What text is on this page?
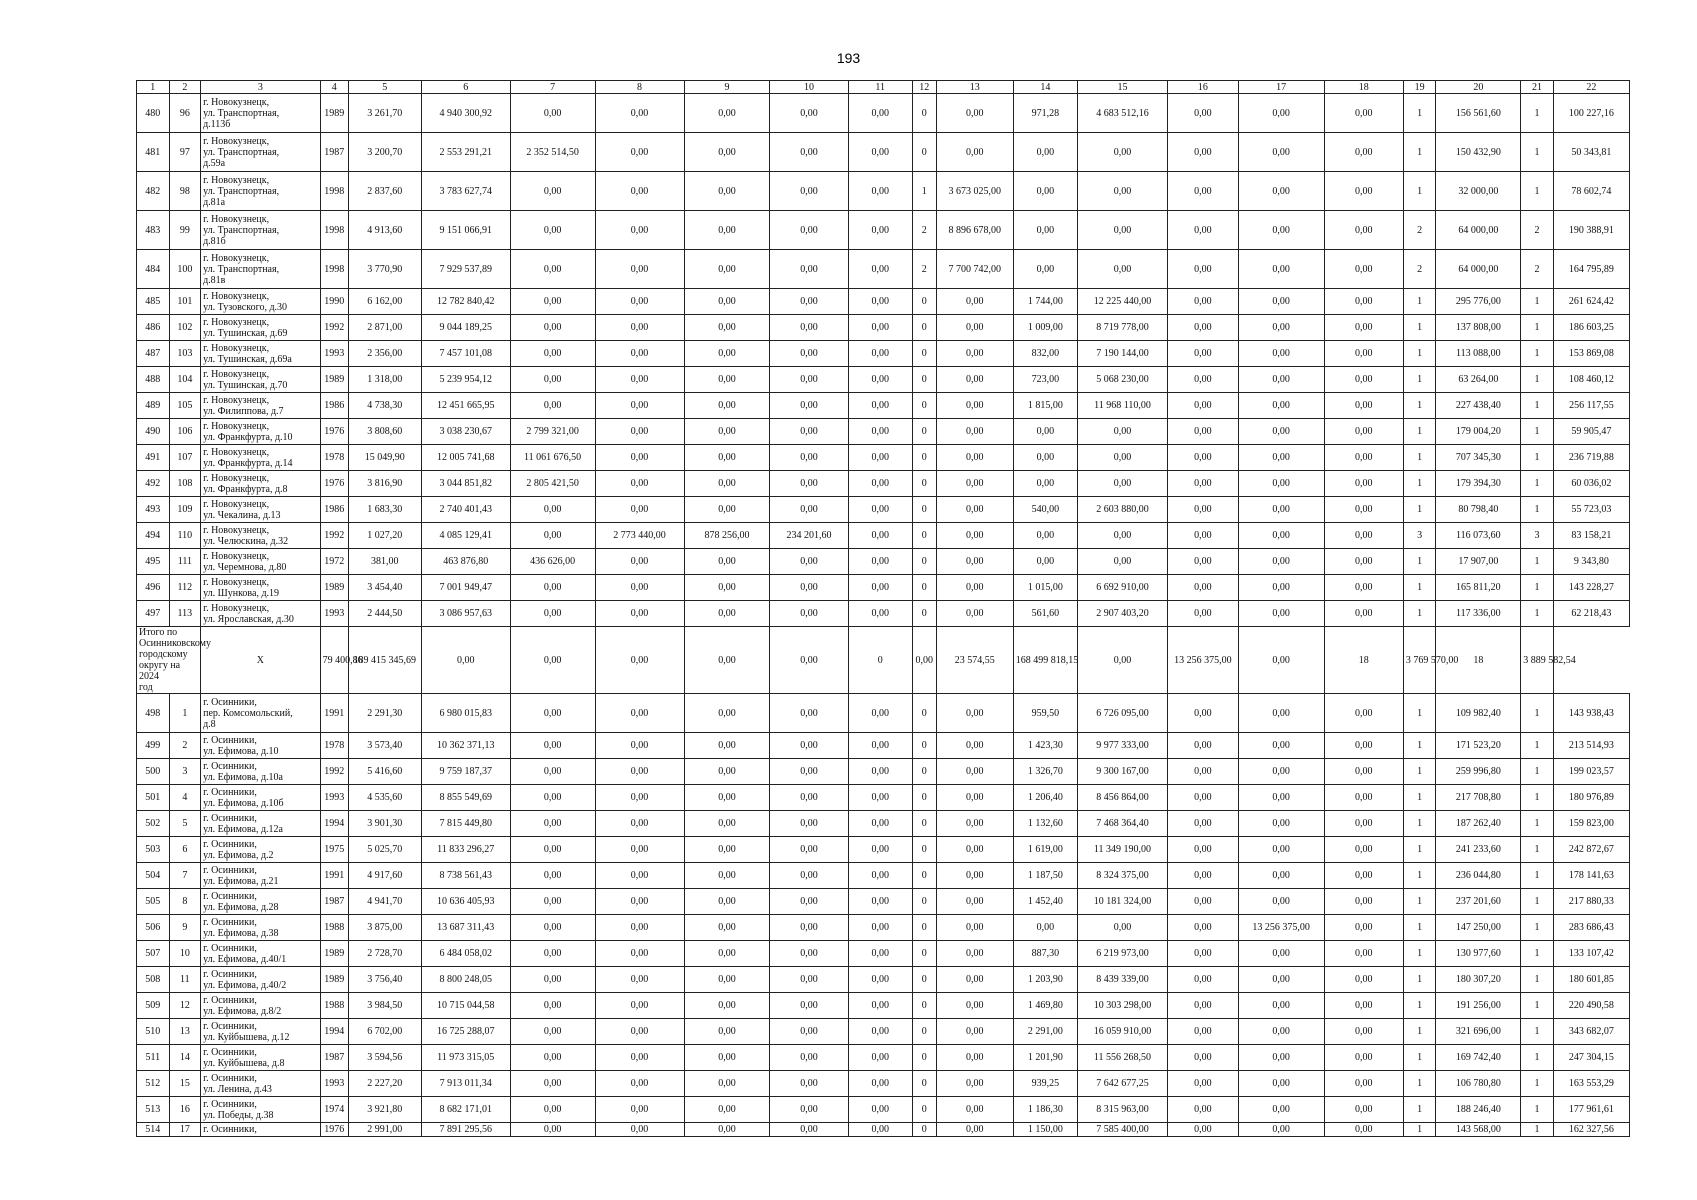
193
1	2	3	4	5	6	7	8	9	10	11	12	13	14	15	16	17	18	19	20	21	22
480	96	г. Новокузнецк,
ул. Транспортная,
д.113б	1989	3 261,70	4 940 300,92	0,00	0,00	0,00	0,00	0,00	0	0,00	971,28	4 683 512,16	0,00	0,00	0,00	1	156 561,60	1	100 227,16
481	97	г. Новокузнецк,
ул. Транспортная,
д.59а	1987	3 200,70	2 553 291,21	2 352 514,50	0,00	0,00	0,00	0,00	0	0,00	0,00	0,00	0,00	0,00	0,00	1	150 432,90	1	50 343,81
482	98	г. Новокузнецк,
ул. Транспортная,
д.81а	1998	2 837,60	3 783 627,74	0,00	0,00	0,00	0,00	0,00	1	3 673 025,00	0,00	0,00	0,00	0,00	0,00	1	32 000,00	1	78 602,74
483	99	г. Новокузнецк,
ул. Транспортная,
д.81б	1998	4 913,60	9 151 066,91	0,00	0,00	0,00	0,00	0,00	2	8 896 678,00	0,00	0,00	0,00	0,00	0,00	2	64 000,00	2	190 388,91
484	100	г. Новокузнецк,
ул. Транспортная,
д.81в	1998	3 770,90	7 929 537,89	0,00	0,00	0,00	0,00	0,00	2	7 700 742,00	0,00	0,00	0,00	0,00	0,00	2	64 000,00	2	164 795,89
485	101	г. Новокузнецк,
ул. Тузовского, д.30	1990	6 162,00	12 782 840,42	0,00	0,00	0,00	0,00	0,00	0	0,00	1 744,00	12 225 440,00	0,00	0,00	0,00	1	295 776,00	1	261 624,42
486	102	г. Новокузнецк,
ул. Тушинская, д.69	1992	2 871,00	9 044 189,25	0,00	0,00	0,00	0,00	0,00	0	0,00	1 009,00	8 719 778,00	0,00	0,00	0,00	1	137 808,00	1	186 603,25
487	103	г. Новокузнецк,
ул. Тушинская, д.69а	1993	2 356,00	7 457 101,08	0,00	0,00	0,00	0,00	0,00	0	0,00	832,00	7 190 144,00	0,00	0,00	0,00	1	113 088,00	1	153 869,08
488	104	г. Новокузнецк,
ул. Тушинская, д.70	1989	1 318,00	5 239 954,12	0,00	0,00	0,00	0,00	0,00	0	0,00	723,00	5 068 230,00	0,00	0,00	0,00	1	63 264,00	1	108 460,12
489	105	г. Новокузнецк,
ул. Филиппова, д.7	1986	4 738,30	12 451 665,95	0,00	0,00	0,00	0,00	0,00	0	0,00	1 815,00	11 968 110,00	0,00	0,00	0,00	1	227 438,40	1	256 117,55
490	106	г. Новокузнецк,
ул. Франкфурта, д.10	1976	3 808,60	3 038 230,67	2 799 321,00	0,00	0,00	0,00	0,00	0	0,00	0,00	0,00	0,00	0,00	0,00	1	179 004,20	1	59 905,47
491	107	г. Новокузнецк,
ул. Франкфурта, д.14	1978	15 049,90	12 005 741,68	11 061 676,50	0,00	0,00	0,00	0,00	0	0,00	0,00	0,00	0,00	0,00	0,00	1	707 345,30	1	236 719,88
492	108	г. Новокузнецк,
ул. Франкфурта, д.8	1976	3 816,90	3 044 851,82	2 805 421,50	0,00	0,00	0,00	0,00	0	0,00	0,00	0,00	0,00	0,00	0,00	1	179 394,30	1	60 036,02
493	109	г. Новокузнецк,
ул. Чекалина, д.13	1986	1 683,30	2 740 401,43	0,00	0,00	0,00	0,00	0,00	0	0,00	540,00	2 603 880,00	0,00	0,00	0,00	1	80 798,40	1	55 723,03
494	110	г. Новокузнецк,
ул. Челюскина, д.32	1992	1 027,20	4 085 129,41	0,00	2 773 440,00	878 256,00	234 201,60	0,00	0	0,00	0,00	0,00	0,00	0,00	0,00	3	116 073,60	3	83 158,21
495	111	г. Новокузнецк,
ул. Черемнова, д.80	1972	381,00	463 876,80	436 626,00	0,00	0,00	0,00	0,00	0	0,00	0,00	0,00	0,00	0,00	0,00	1	17 907,00	1	9 343,80
496	112	г. Новокузнецк,
ул. Шункова, д.19	1989	3 454,40	7 001 949,47	0,00	0,00	0,00	0,00	0,00	0	0,00	1 015,00	6 692 910,00	0,00	0,00	0,00	1	165 811,20	1	143 228,27
497	113	г. Новокузнецк,
ул. Ярославская, д.30	1993	2 444,50	3 086 957,63	0,00	0,00	0,00	0,00	0,00	0	0,00	561,60	2 907 403,20	0,00	0,00	0,00	1	117 336,00	1	62 218,43
Итого по Осинниковскому
городскому округу на 2024
год		X	79 400,86	189 415 345,69	0,00	0,00	0,00	0,00	0,00	0	0,00	23 574,55	168 499 818,15	0,00	13 256 375,00	0,00	18	3 769 570,00	18	3 889 582,54	
498	1	г. Осинники,
пер. Комсомольский,
д.8	1991	2 291,30	6 980 015,83	0,00	0,00	0,00	0,00	0,00	0	0,00	959,50	6 726 095,00	0,00	0,00	0,00	1	109 982,40	1	143 938,43
499	2	г. Осинники,
ул. Ефимова, д.10	1978	3 573,40	10 362 371,13	0,00	0,00	0,00	0,00	0,00	0	0,00	1 423,30	9 977 333,00	0,00	0,00	0,00	1	171 523,20	1	213 514,93
500	3	г. Осинники,
ул. Ефимова, д.10а	1992	5 416,60	9 759 187,37	0,00	0,00	0,00	0,00	0,00	0	0,00	1 326,70	9 300 167,00	0,00	0,00	0,00	1	259 996,80	1	199 023,57
501	4	г. Осинники,
ул. Ефимова, д.10б	1993	4 535,60	8 855 549,69	0,00	0,00	0,00	0,00	0,00	0	0,00	1 206,40	8 456 864,00	0,00	0,00	0,00	1	217 708,80	1	180 976,89
502	5	г. Осинники,
ул. Ефимова, д.12а	1994	3 901,30	7 815 449,80	0,00	0,00	0,00	0,00	0,00	0	0,00	1 132,60	7 468 364,40	0,00	0,00	0,00	1	187 262,40	1	159 823,00
503	6	г. Осинники,
ул. Ефимова, д.2	1975	5 025,70	11 833 296,27	0,00	0,00	0,00	0,00	0,00	0	0,00	1 619,00	11 349 190,00	0,00	0,00	0,00	1	241 233,60	1	242 872,67
504	7	г. Осинники,
ул. Ефимова, д.21	1991	4 917,60	8 738 561,43	0,00	0,00	0,00	0,00	0,00	0	0,00	1 187,50	8 324 375,00	0,00	0,00	0,00	1	236 044,80	1	178 141,63
505	8	г. Осинники,
ул. Ефимова, д.28	1987	4 941,70	10 636 405,93	0,00	0,00	0,00	0,00	0,00	0	0,00	1 452,40	10 181 324,00	0,00	0,00	0,00	1	237 201,60	1	217 880,33
506	9	г. Осинники,
ул. Ефимова, д.38	1988	3 875,00	13 687 311,43	0,00	0,00	0,00	0,00	0,00	0	0,00	0,00	0,00	0,00	13 256 375,00	0,00	1	147 250,00	1	283 686,43
507	10	г. Осинники,
ул. Ефимова, д.40/1	1989	2 728,70	6 484 058,02	0,00	0,00	0,00	0,00	0,00	0	0,00	887,30	6 219 973,00	0,00	0,00	0,00	1	130 977,60	1	133 107,42
508	11	г. Осинники,
ул. Ефимова, д.40/2	1989	3 756,40	8 800 248,05	0,00	0,00	0,00	0,00	0,00	0	0,00	1 203,90	8 439 339,00	0,00	0,00	0,00	1	180 307,20	1	180 601,85
509	12	г. Осинники,
ул. Ефимова, д.8/2	1988	3 984,50	10 715 044,58	0,00	0,00	0,00	0,00	0,00	0	0,00	1 469,80	10 303 298,00	0,00	0,00	0,00	1	191 256,00	1	220 490,58
510	13	г. Осинники,
ул. Куйбышева, д.12	1994	6 702,00	16 725 288,07	0,00	0,00	0,00	0,00	0,00	0	0,00	2 291,00	16 059 910,00	0,00	0,00	0,00	1	321 696,00	1	343 682,07
511	14	г. Осинники,
ул. Куйбышева, д.8	1987	3 594,56	11 973 315,05	0,00	0,00	0,00	0,00	0,00	0	0,00	1 201,90	11 556 268,50	0,00	0,00	0,00	1	169 742,40	1	247 304,15
512	15	г. Осинники,
ул. Ленина, д.43	1993	2 227,20	7 913 011,34	0,00	0,00	0,00	0,00	0,00	0	0,00	939,25	7 642 677,25	0,00	0,00	0,00	1	106 780,80	1	163 553,29
513	16	г. Осинники,
ул. Победы, д.38	1974	3 921,80	8 682 171,01	0,00	0,00	0,00	0,00	0,00	0	0,00	1 186,30	8 315 963,00	0,00	0,00	0,00	1	188 246,40	1	177 961,61
514	17	г. Осинники,	1976	2 991,00	7 891 295,56	0,00	0,00	0,00	0,00	0,00	0	0,00	1 150,00	7 585 400,00	0,00	0,00	0,00	1	143 568,00	1	162 327,56
